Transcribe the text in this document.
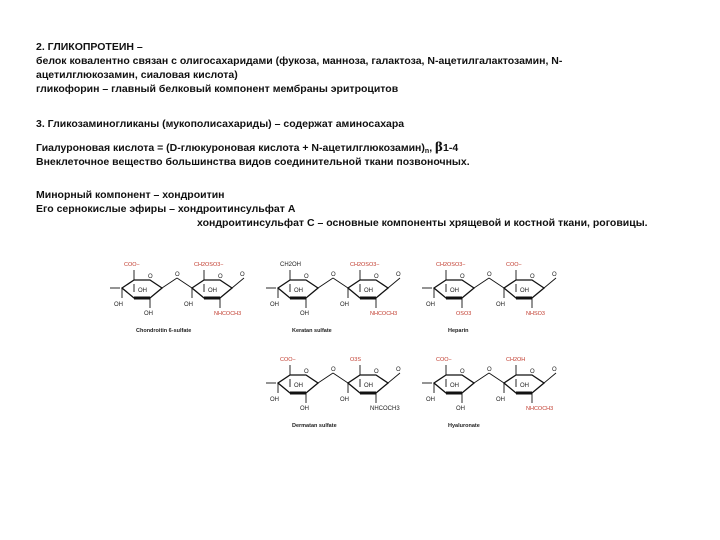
2. ГЛИКОПРОТЕИН –
белок ковалентно связан с олигосахаридами (фукоза, манноза, галактоза, N-ацетилгалактозамин, N-
ацетилглюкозамин, сиаловая кислота)
гликофорин – главный белковый компонент мембраны эритроцитов
3. Гликозаминогликаны (мукополисахариды) – содержат аминосахара
Гиалуроновая кислота = (D-глюкуроновая кислота + $N-ацетилглюкозамин)_n$, β1-4
Внеклеточное вещество большинства видов соединительной ткани позвоночных.
Минорный компонент – хондроитин
Его сернокислые эфиры – хондроитинсульфат А
хондроитинсульфат С – основные компоненты хрящевой и костной ткани, роговицы.
O
COO−
OH
OH
OH
O	O
CH2OSO3−
OH
OH
NHCOCH3
O
Chondroitin 6-sulfate
O
CH2OH
OH
OH
OH
O	O
CH2OSO3−
OH
OH
NHCOCH3
O
Keratan sulfate
O
CH2OSO3−
OH
OH
OSO3
O	O
COO−
OH
OH
NHSO3
O
Heparin
O
COO−
OH
OH
OH
O	O
O3S
OH
OH
NHCOCH3
O
Dermatan sulfate
O
COO−
OH
OH
OH
O	O
CH2OH
OH
OH
NHCOCH3
O
Hyaluronate
